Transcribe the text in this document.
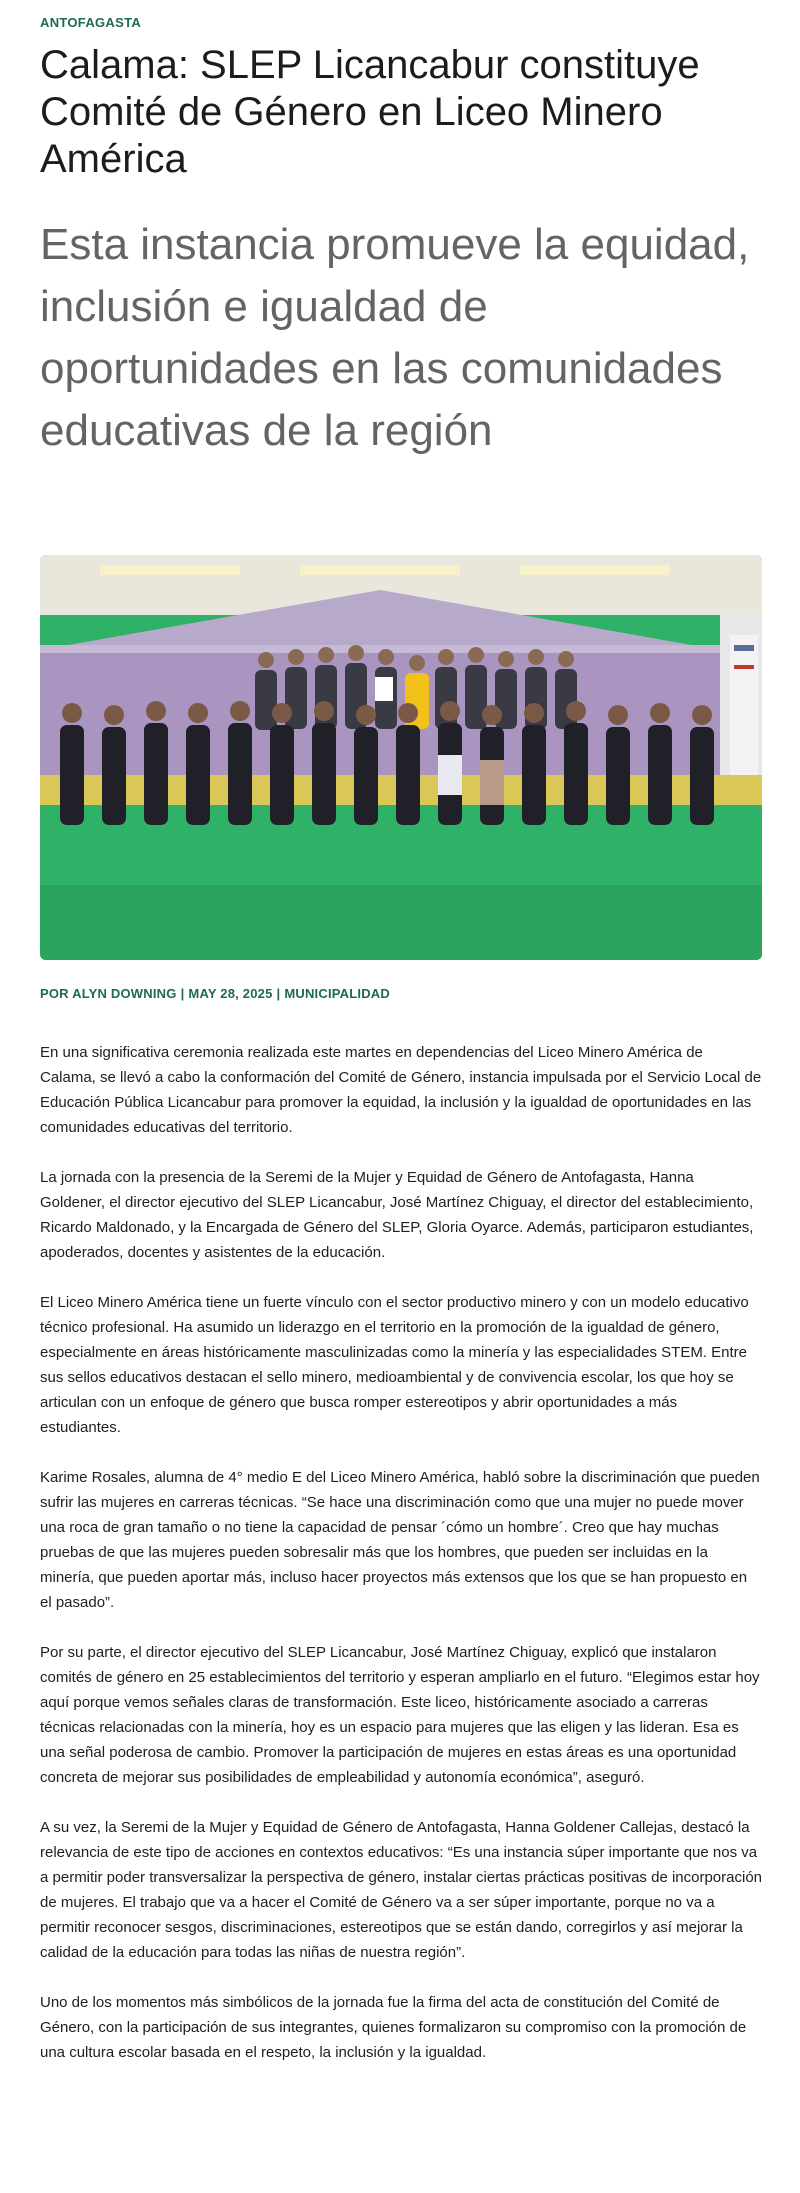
ANTOFAGASTA
Calama: SLEP Licancabur constituye Comité de Género en Liceo Minero América
Esta instancia promueve la equidad, inclusión e igualdad de oportunidades en las comunidades educativas de la región
POR ALYN DOWNING | MAY 28, 2025 | MUNICIPALIDAD

En una significativa ceremonia realizada este martes en dependencias del Liceo Minero América de Calama, se llevó a cabo la conformación del Comité de Género, instancia impulsada por el Servicio Local de Educación Pública Licancabur para promover la equidad, la inclusión y la igualdad de oportunidades en las comunidades educativas del territorio.

La jornada con la presencia de la Seremi de la Mujer y Equidad de Género de Antofagasta, Hanna Goldener, el director ejecutivo del SLEP Licancabur, José Martínez Chiguay, el director del establecimiento, Ricardo Maldonado, y la Encargada de Género del SLEP, Gloria Oyarce. Además, participaron estudiantes, apoderados, docentes y asistentes de la educación.

El Liceo Minero América tiene un fuerte vínculo con el sector productivo minero y con un modelo educativo técnico profesional. Ha asumido un liderazgo en el territorio en la promoción de la igualdad de género, especialmente en áreas históricamente masculinizadas como la minería y las especialidades STEM. Entre sus sellos educativos destacan el sello minero, medioambiental y de convivencia escolar, los que hoy se articulan con un enfoque de género que busca romper estereotipos y abrir oportunidades a más estudiantes.

Karime Rosales, alumna de 4° medio E del Liceo Minero América, habló sobre la discriminación que pueden sufrir las mujeres en carreras técnicas. “Se hace una discriminación como que una mujer no puede mover una roca de gran tamaño o no tiene la capacidad de pensar ´cómo un hombre´. Creo que hay muchas pruebas de que las mujeres pueden sobresalir más que los hombres, que pueden ser incluidas en la minería, que pueden aportar más, incluso hacer proyectos más extensos que los que se han propuesto en el pasado”.

Por su parte, el director ejecutivo del SLEP Licancabur, José Martínez Chiguay, explicó que instalaron comités de género en 25 establecimientos del territorio y esperan ampliarlo en el futuro. “Elegimos estar hoy aquí porque vemos señales claras de transformación. Este liceo, históricamente asociado a carreras técnicas relacionadas con la minería, hoy es un espacio para mujeres que las eligen y las lideran. Esa es una señal poderosa de cambio. Promover la participación de mujeres en estas áreas es una oportunidad concreta de mejorar sus posibilidades de empleabilidad y autonomía económica”, aseguró.

A su vez, la Seremi de la Mujer y Equidad de Género de Antofagasta, Hanna Goldener Callejas, destacó la relevancia de este tipo de acciones en contextos educativos: “Es una instancia súper importante que nos va a permitir poder transversalizar la perspectiva de género, instalar ciertas prácticas positivas de incorporación de mujeres. El trabajo que va a hacer el Comité de Género va a ser súper importante, porque no va a permitir reconocer sesgos, discriminaciones, estereotipos que se están dando, corregirlos y así mejorar la calidad de la educación para todas las niñas de nuestra región”.

Uno de los momentos más simbólicos de la jornada fue la firma del acta de constitución del Comité de Género, con la participación de sus integrantes, quienes formalizaron su compromiso con la promoción de una cultura escolar basada en el respeto, la inclusión y la igualdad.
